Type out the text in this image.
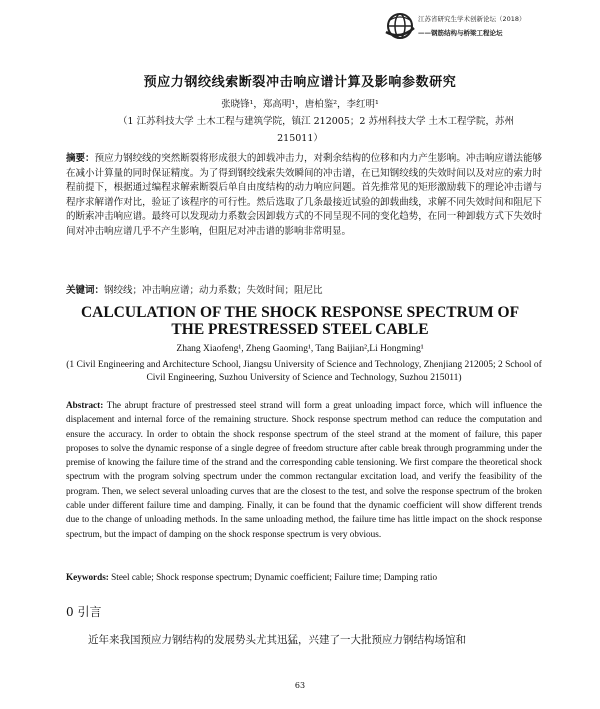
江苏省研究生学术创新论坛（2018）
——钢筋结构与桥梁工程论坛
预应力钢绞线索断裂冲击响应谱计算及影响参数研究
张晓锋¹，郑高明¹，唐柏鉴²，李红明¹
（1 江苏科技大学 土木工程与建筑学院，镇江 212005；2 苏州科技大学 土木工程学院，苏州
215011）
摘要：预应力钢绞线的突然断裂将形成很大的卸载冲击力，对剩余结构的位移和内力产生影响。冲击响应谱法能够在减小计算量的同时保证精度。为了得到钢绞线索失效瞬间的冲击谱，在已知钢绞线的失效时间以及对应的索力时程前提下，根据通过编程求解索断裂后单自由度结构的动力响应问题。首先推常见的矩形激励载下的理论冲击谱与程序求解谱作对比，验证了该程序的可行性。然后选取了几条最接近试验的卸载曲线，求解不同失效时间和阻尼下的断索冲击响应谱。最终可以发现动力系数会因卸载方式的不同呈现不同的变化趋势，在同一种卸载方式下失效时间对冲击响应谱几乎不产生影响，但阻尼对冲击谱的影响非常明显。
关键词：钢绞线；冲击响应谱；动力系数；失效时间；阻尼比
CALCULATION OF THE SHOCK RESPONSE SPECTRUM OF
THE PRESTRESSED STEEL CABLE
Zhang Xiaofeng¹, Zheng Gaoming¹, Tang Baijian²,Li Hongming¹
(1 Civil Engineering and Architecture School, Jiangsu University of Science and Technology, Zhenjiang 212005; 2 School of Civil Engineering, Suzhou University of Science and Technology, Suzhou 215011)
Abstract: The abrupt fracture of prestressed steel strand will form a great unloading impact force, which will influence the displacement and internal force of the remaining structure. Shock response spectrum method can reduce the computation and ensure the accuracy. In order to obtain the shock response spectrum of the steel strand at the moment of failure, this paper proposes to solve the dynamic response of a single degree of freedom structure after cable break through programming under the premise of knowing the failure time of the strand and the corresponding cable tensioning. We first compare the theoretical shock spectrum with the program solving spectrum under the common rectangular excitation load, and verify the feasibility of the program. Then, we select several unloading curves that are the closest to the test, and solve the response spectrum of the broken cable under different failure time and damping. Finally, it can be found that the dynamic coefficient will show different trends due to the change of unloading methods. In the same unloading method, the failure time has little impact on the shock response spectrum, but the impact of damping on the shock response spectrum is very obvious.
Keywords: Steel cable; Shock response spectrum; Dynamic coefficient; Failure time; Damping ratio
0 引言
近年来我国预应力钢结构的发展势头尤其迅猛，兴建了一大批预应力钢结构场馆和
63
